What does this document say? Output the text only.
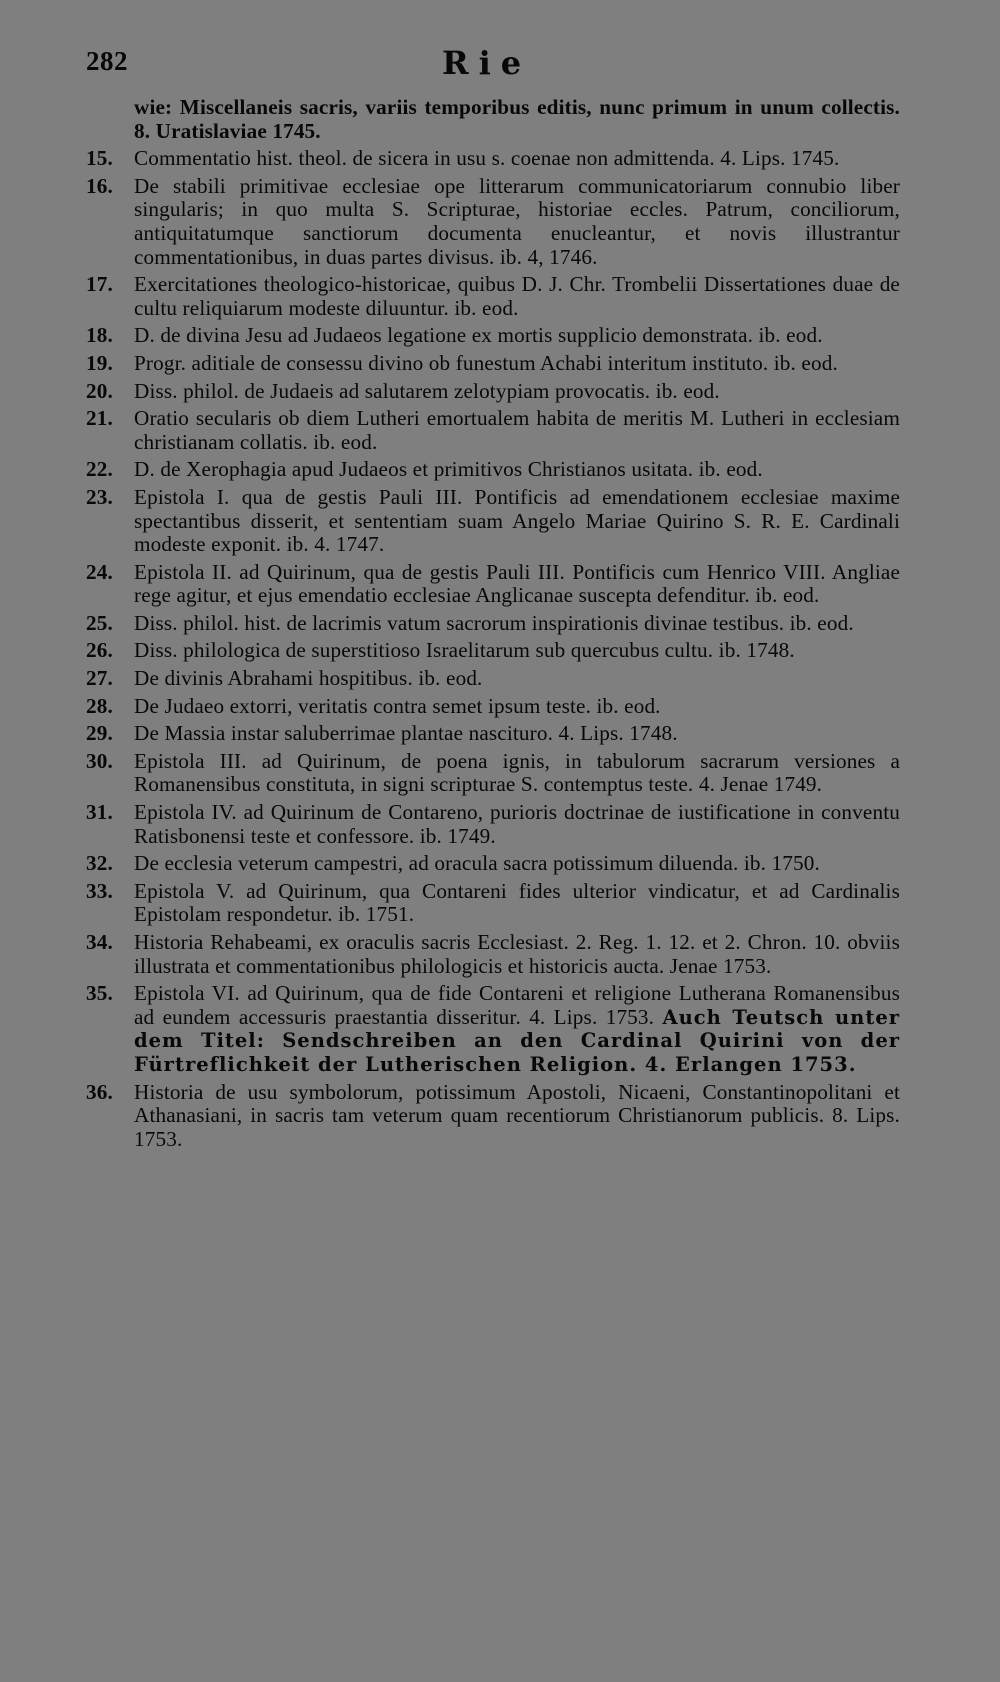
282	Rie
wie: Miscellaneis sacris, variis temporibus editis, nunc primum in unum collectis. 8. Uratislaviae 1745.
15. Commentatio hist. theol. de sicera in usu s. coenae non admittenda. 4. Lips. 1745.
16. De stabili primitivae ecclesiae ope litterarum communicatoriarum connubio liber singularis; in quo multa S. Scripturae, historiae eccles. Patrum, conciliorum, antiquitatumque sanctiorum documenta enucleantur, et novis illustrantur commentationibus, in duas partes divisus. ib. 4, 1746.
17. Exercitationes theologico-historicae, quibus D. J. Chr. Trombelii Dissertationes duae de cultu reliquiarum modeste diluuntur. ib. eod.
18. D. de divina Jesu ad Judaeos legatione ex mortis supplicio demonstrata. ib. eod.
19. Progr. aditiale de consessu divino ob funestum Achabi interitum instituto. ib. eod.
20. Diss. philol. de Judaeis ad salutarem zelotypiam provocatis. ib. eod.
21. Oratio secularis ob diem Lutheri emortualem habita de meritis M. Lutheri in ecclesiam christianam collatis. ib. eod.
22. D. de Xerophagia apud Judaeos et primitivos Christianos usitata. ib. eod.
23. Epistola I. qua de gestis Pauli III. Pontificis ad emendationem ecclesiae maxime spectantibus disserit, et sententiam suam Angelo Mariae Quirino S. R. E. Cardinali modeste exponit. ib. 4. 1747.
24. Epistola II. ad Quirinum, qua de gestis Pauli III. Pontificis cum Henrico VIII. Angliae rege agitur, et ejus emendatio ecclesiae Anglicanae suscepta defenditur. ib. eod.
25. Diss. philol. hist. de lacrimis vatum sacrorum inspirationis divinae testibus. ib. eod.
26. Diss. philologica de superstitioso Israelitarum sub quercubus cultu. ib. 1748.
27. De divinis Abrahami hospitibus. ib. eod.
28. De Judaeo extorri, veritatis contra semet ipsum teste. ib. eod.
29. De Massia instar saluberrimae plantae nascituro. 4. Lips. 1748.
30. Epistola III. ad Quirinum, de poena ignis, in tabulorum sacrarum versiones a Romanensibus constituta, in signi scripturae S. contemptus teste. 4. Jenae 1749.
31. Epistola IV. ad Quirinum de Contareno, purioris doctrinae de iustificatione in conventu Ratisbonensi teste et confessore. ib. 1749.
32. De ecclesia veterum campestri, ad oracula sacra potissimum diluenda. ib. 1750.
33. Epistola V. ad Quirinum, qua Contareni fides ulterior vindicatur, et ad Cardinalis Epistolam respondetur. ib. 1751.
34. Historia Rehabeami, ex oraculis sacris Ecclesiast. 2. Reg. 1. 12. et 2. Chron. 10. obviis illustrata et commentationibus philologicis et historicis aucta. Jenae 1753.
35. Epistola VI. ad Quirinum, qua de fide Contareni et religione Lutherana Romanensibus ad eundem accessuris praestantia disseritur. 4. Lips. 1753. Auch Teutsch unter dem Titel: Sendschreiben an den Cardinal Quirini von der Fürtreflichkeit der Lutherischen Religion. 4. Erlangen 1753.
36. Historia de usu symbolorum, potissimum Apostoli, Nicaeni, Constantinopolitani et Athanasiani, in sacris tam veterum quam recentiorum Christianorum publicis. 8. Lips. 1753.
